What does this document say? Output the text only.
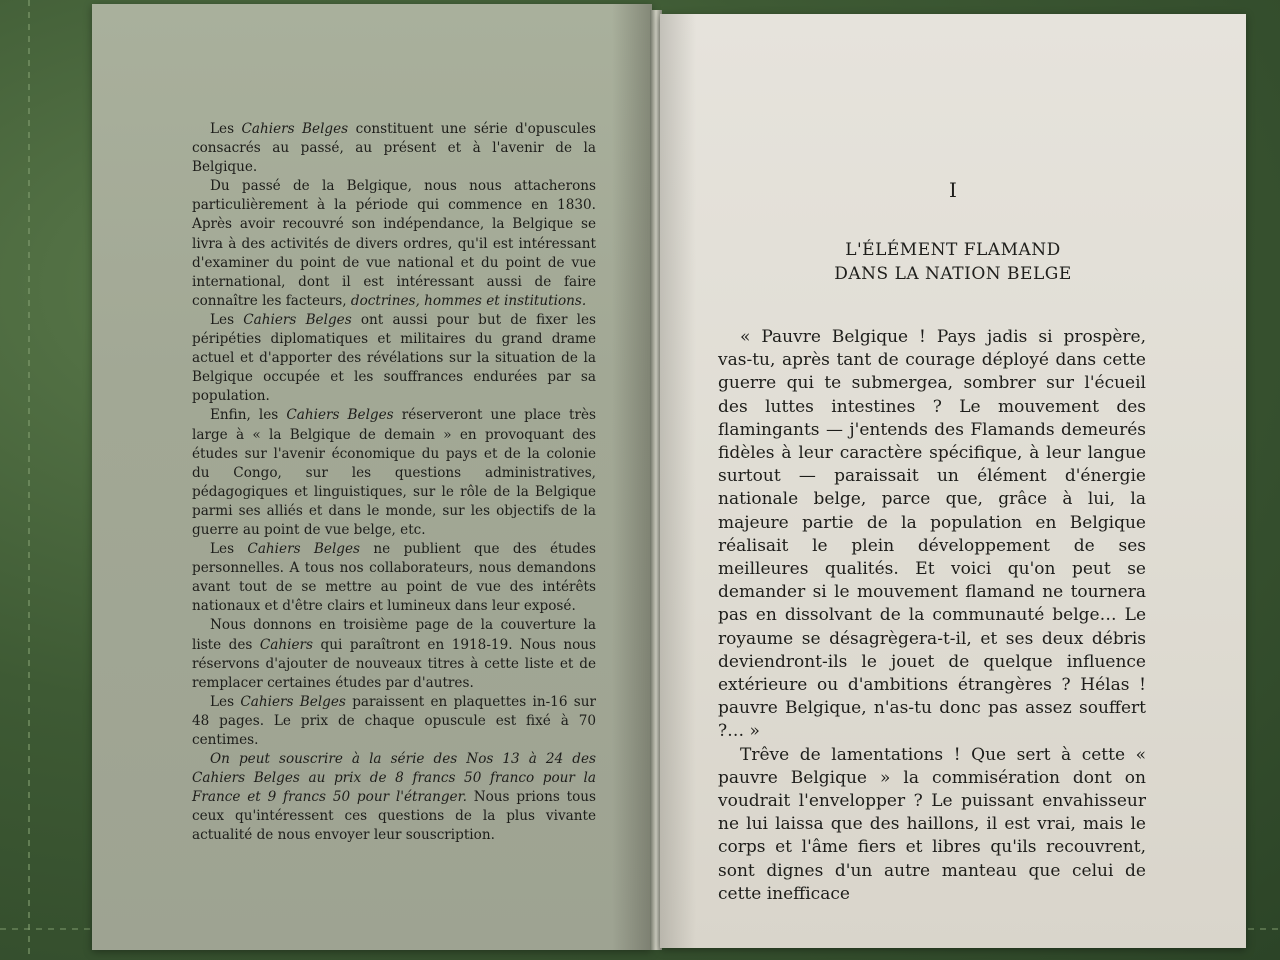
Les Cahiers Belges constituent une série d'opuscules consacrés au passé, au présent et à l'avenir de la Belgique.

Du passé de la Belgique, nous nous attacherons particulièrement à la période qui commence en 1830. Après avoir recouvré son indépendance, la Belgique se livra à des activités de divers ordres, qu'il est intéressant d'examiner du point de vue national et du point de vue international, dont il est intéressant aussi de faire connaître les facteurs, doctrines, hommes et institutions.

Les Cahiers Belges ont aussi pour but de fixer les péripéties diplomatiques et militaires du grand drame actuel et d'apporter des révélations sur la situation de la Belgique occupée et les souffrances endurées par sa population.

Enfin, les Cahiers Belges réserveront une place très large à « la Belgique de demain » en provoquant des études sur l'avenir économique du pays et de la colonie du Congo, sur les questions administratives, pédagogiques et linguistiques, sur le rôle de la Belgique parmi ses alliés et dans le monde, sur les objectifs de la guerre au point de vue belge, etc.

Les Cahiers Belges ne publient que des études personnelles. A tous nos collaborateurs, nous demandons avant tout de se mettre au point de vue des intérêts nationaux et d'être clairs et lumineux dans leur exposé.

Nous donnons en troisième page de la couverture la liste des Cahiers qui paraîtront en 1918-19. Nous nous réservons d'ajouter de nouveaux titres à cette liste et de remplacer certaines études par d'autres.

Les Cahiers Belges paraissent en plaquettes in-16 sur 48 pages. Le prix de chaque opuscule est fixé à 70 centimes.

On peut souscrire à la série des Nos 13 à 24 des Cahiers Belges au prix de 8 francs 50 franco pour la France et 9 francs 50 pour l'étranger. Nous prions tous ceux qu'intéressent ces questions de la plus vivante actualité de nous envoyer leur souscription.

I
L'ÉLÉMENT FLAMAND
DANS LA NATION BELGE

« Pauvre Belgique ! Pays jadis si prospère, vas-tu, après tant de courage déployé dans cette guerre qui te submergea, sombrer sur l'écueil des luttes intestines ? Le mouvement des flamingants — j'entends des Flamands demeurés fidèles à leur caractère spécifique, à leur langue surtout — paraissait un élément d'énergie nationale belge, parce que, grâce à lui, la majeure partie de la population en Belgique réalisait le plein développement de ses meilleures qualités. Et voici qu'on peut se demander si le mouvement flamand ne tournera pas en dissolvant de la communauté belge… Le royaume se désagrègera-t-il, et ses deux débris deviendront-ils le jouet de quelque influence extérieure ou d'ambitions étrangères ? Hélas ! pauvre Belgique, n'as-tu donc pas assez souffert ?… »

Trêve de lamentations ! Que sert à cette « pauvre Belgique » la commisération dont on voudrait l'envelopper ? Le puissant envahisseur ne lui laissa que des haillons, il est vrai, mais le corps et l'âme fiers et libres qu'ils recouvrent, sont dignes d'un autre manteau que celui de cette inefficace
